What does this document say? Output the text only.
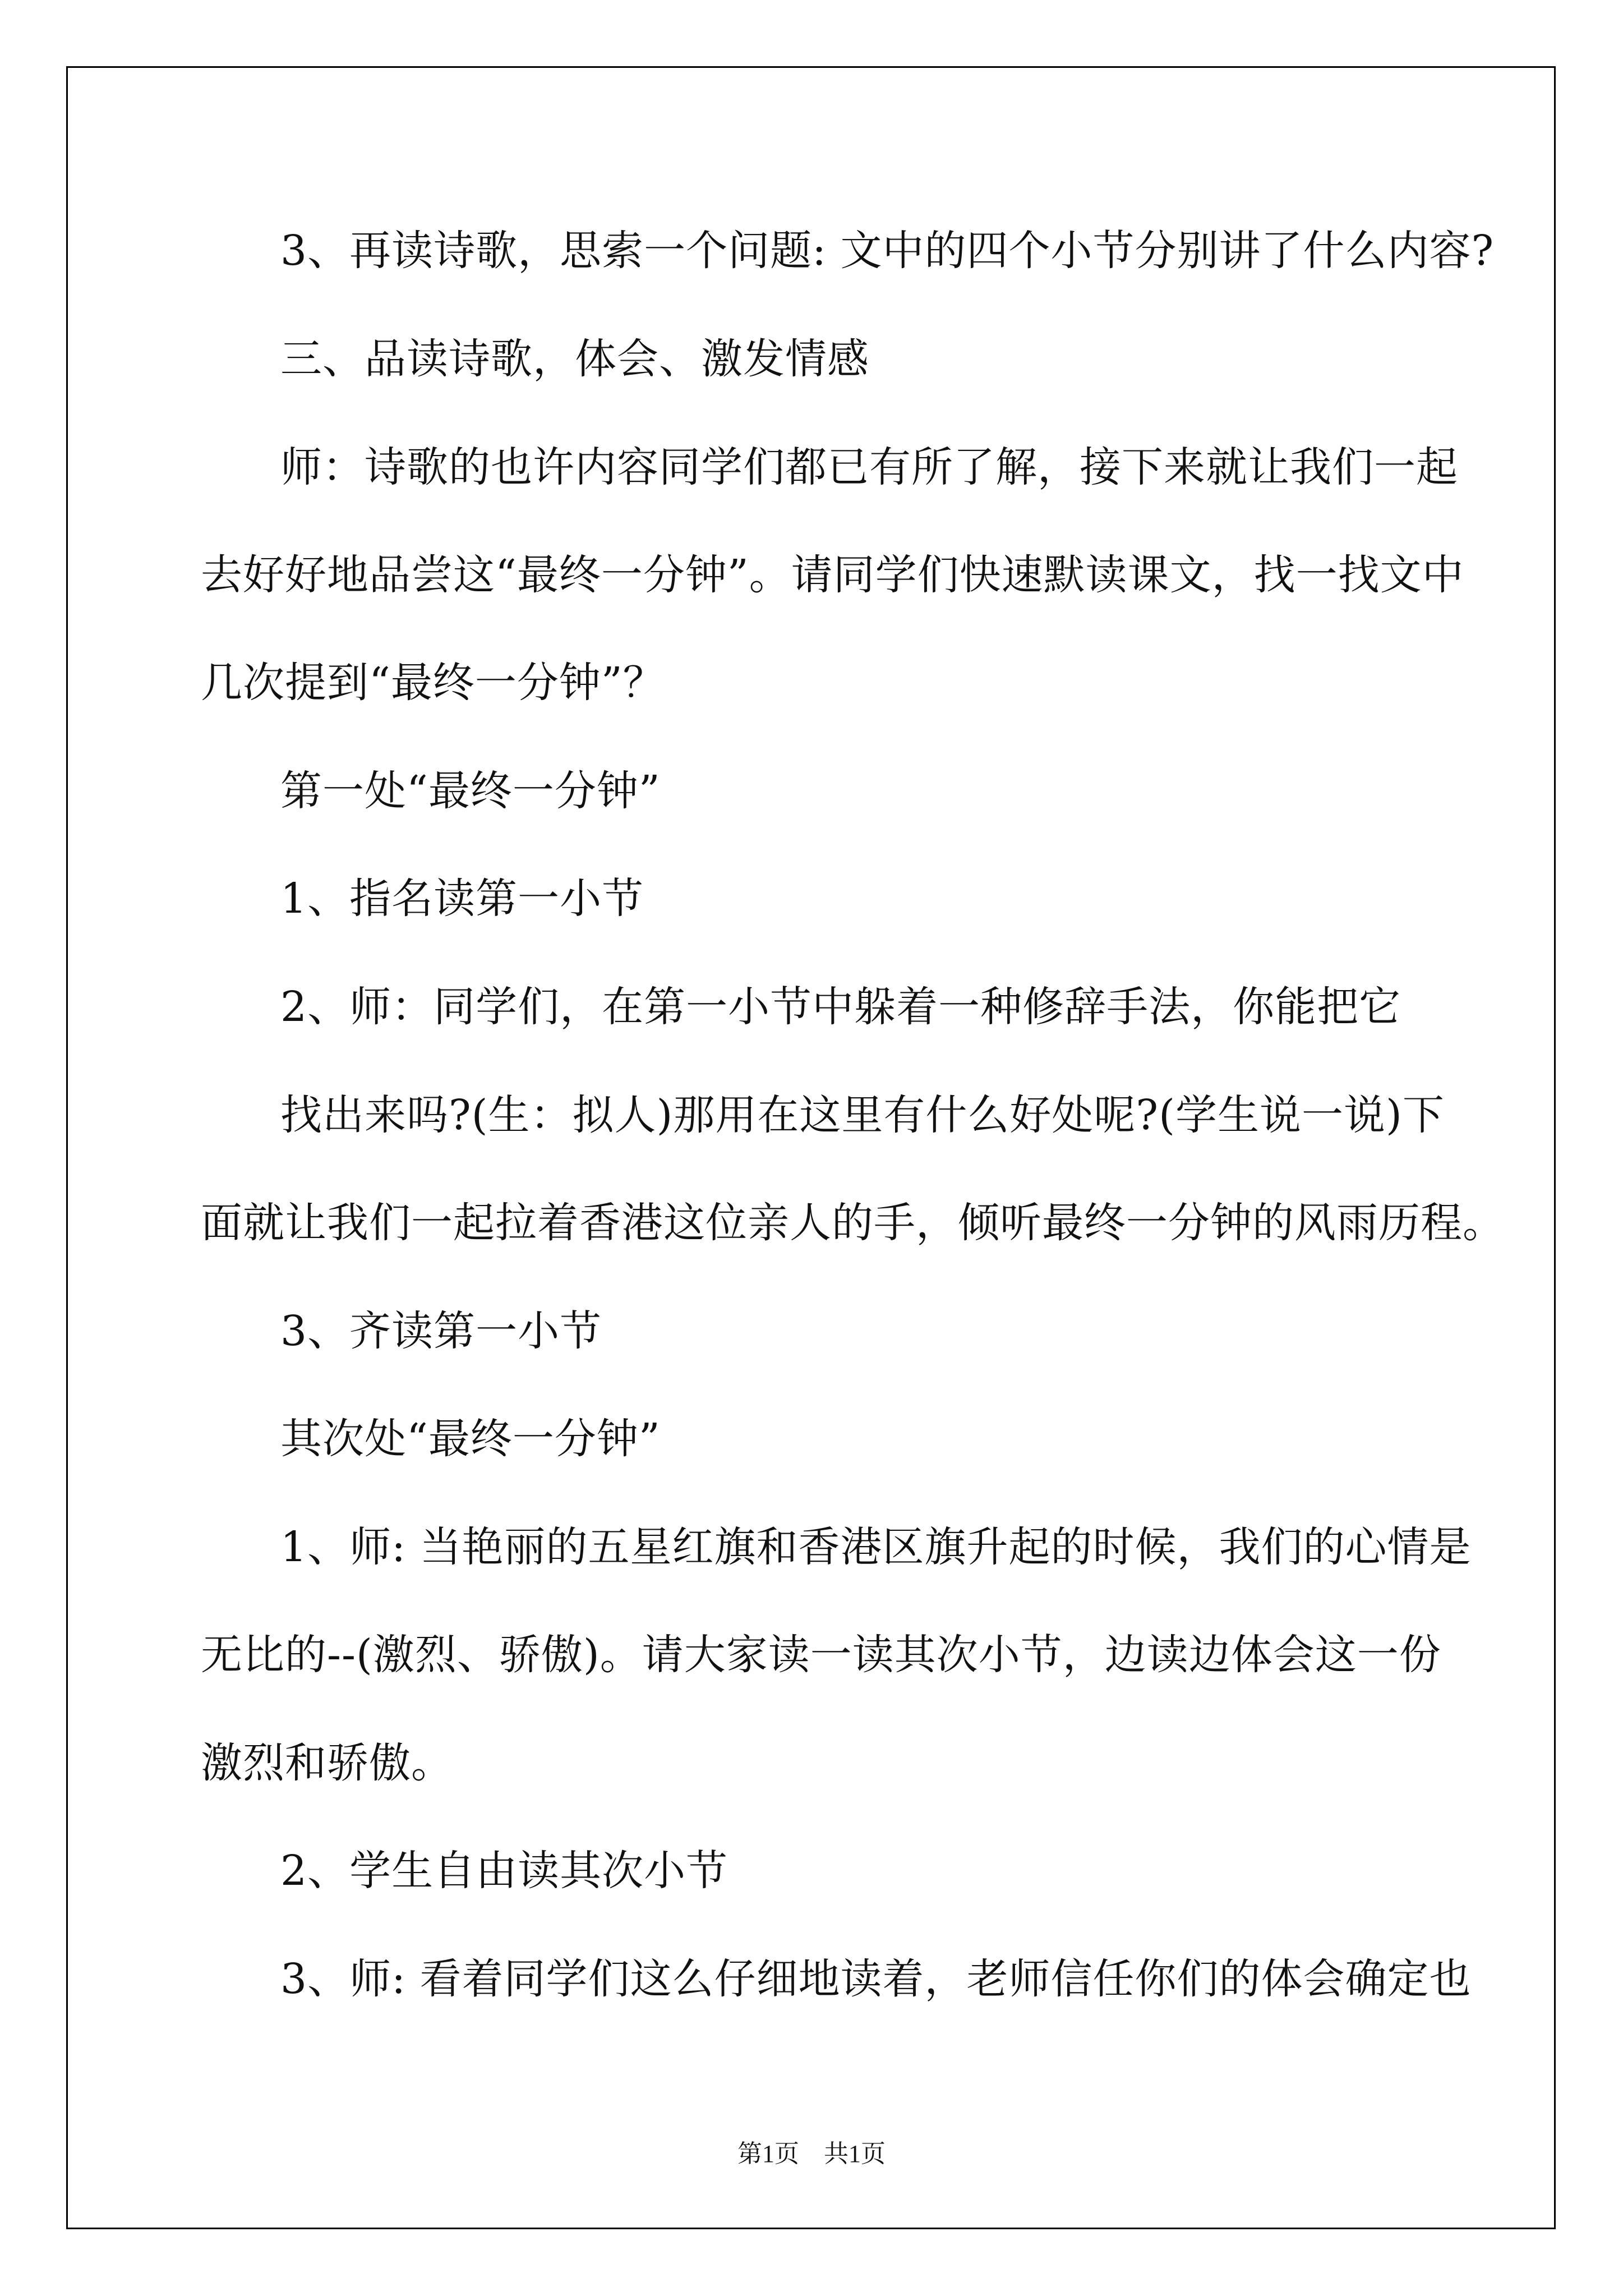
3、再读诗歌，思索一个问题: 文中的四个小节分别讲了什么内容?
三、品读诗歌，体会、激发情感
师：诗歌的也许内容同学们都已有所了解，接下来就让我们一起
去好好地品尝这“最终一分钟”。请同学们快速默读课文，找一找文中
几次提到“最终一分钟”？
第一处“最终一分钟”
1、指名读第一小节
2、师：同学们，在第一小节中躲着一种修辞手法，你能把它
找出来吗?(生：拟人)那用在这里有什么好处呢?(学生说一说)下
面就让我们一起拉着香港这位亲人的手，倾听最终一分钟的风雨历程。
3、齐读第一小节
其次处“最终一分钟”
1、师: 当艳丽的五星红旗和香港区旗升起的时候，我们的心情是
无比的--(激烈、骄傲)。请大家读一读其次小节，边读边体会这一份
激烈和骄傲。
2、学生自由读其次小节
3、师: 看着同学们这么仔细地读着，老师信任你们的体会确定也
第1页　共1页
